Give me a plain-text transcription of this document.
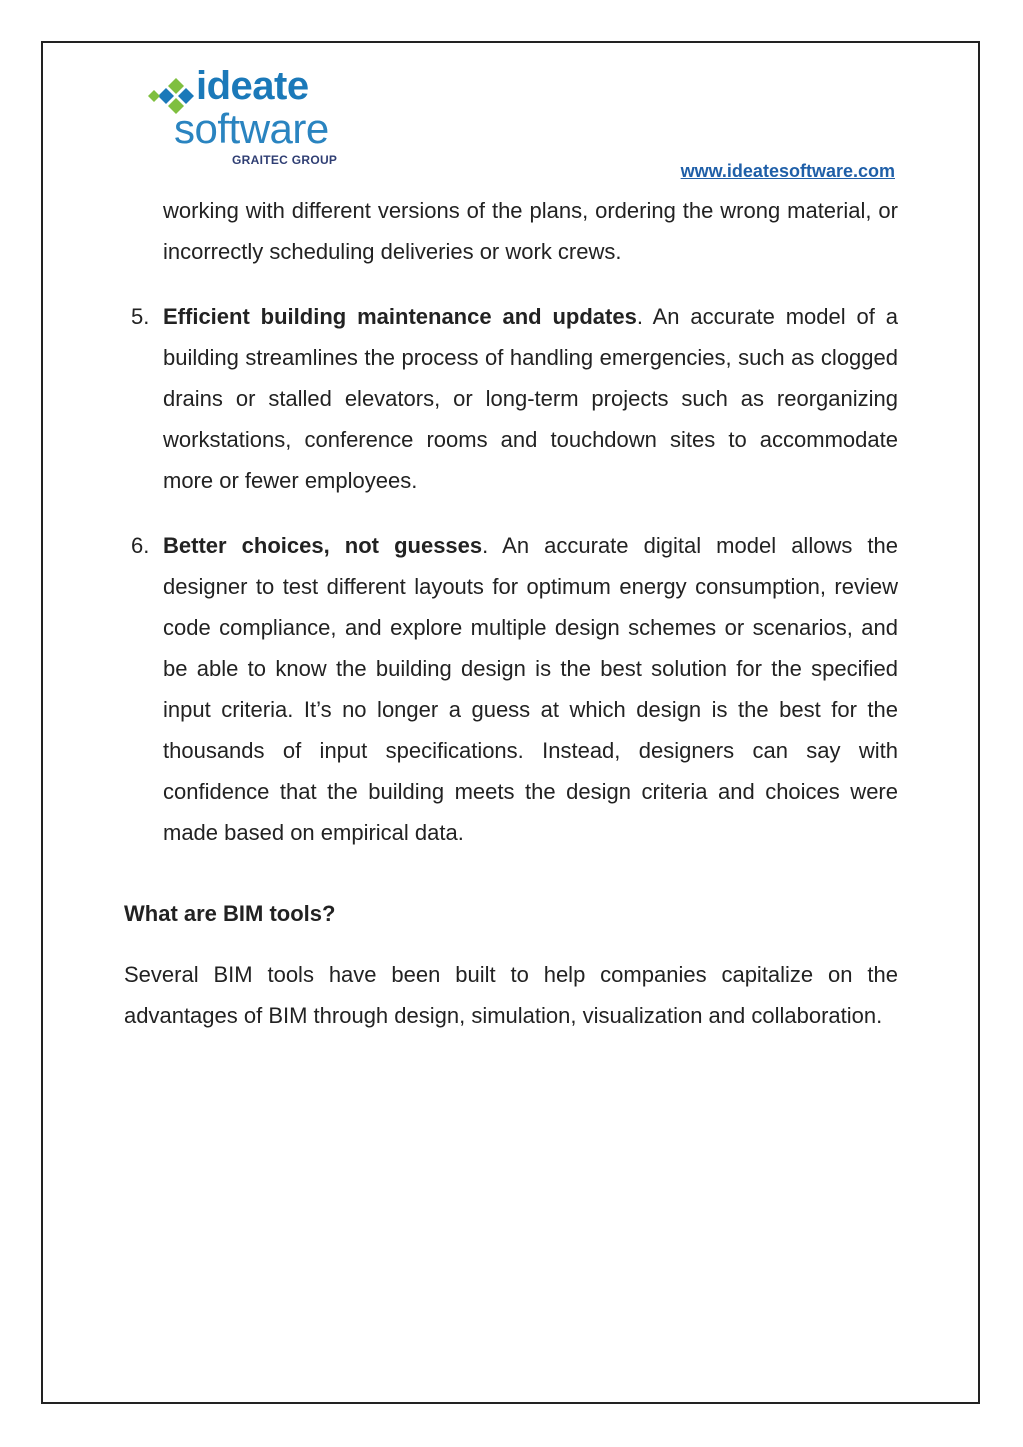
ideate
software
GRAITEC GROUP
www.ideatesoftware.com

working with different versions of the plans, ordering the wrong material, or incorrectly scheduling deliveries or work crews.

5. Efficient building maintenance and updates. An accurate model of a building streamlines the process of handling emergencies, such as clogged drains or stalled elevators, or long-term projects such as reorganizing workstations, conference rooms and touchdown sites to accommodate more or fewer employees.

6. Better choices, not guesses. An accurate digital model allows the designer to test different layouts for optimum energy consumption, review code compliance, and explore multiple design schemes or scenarios, and be able to know the building design is the best solution for the specified input criteria. It’s no longer a guess at which design is the best for the thousands of input specifications. Instead, designers can say with confidence that the building meets the design criteria and choices were made based on empirical data.

What are BIM tools?

Several BIM tools have been built to help companies capitalize on the advantages of BIM through design, simulation, visualization and collaboration.
